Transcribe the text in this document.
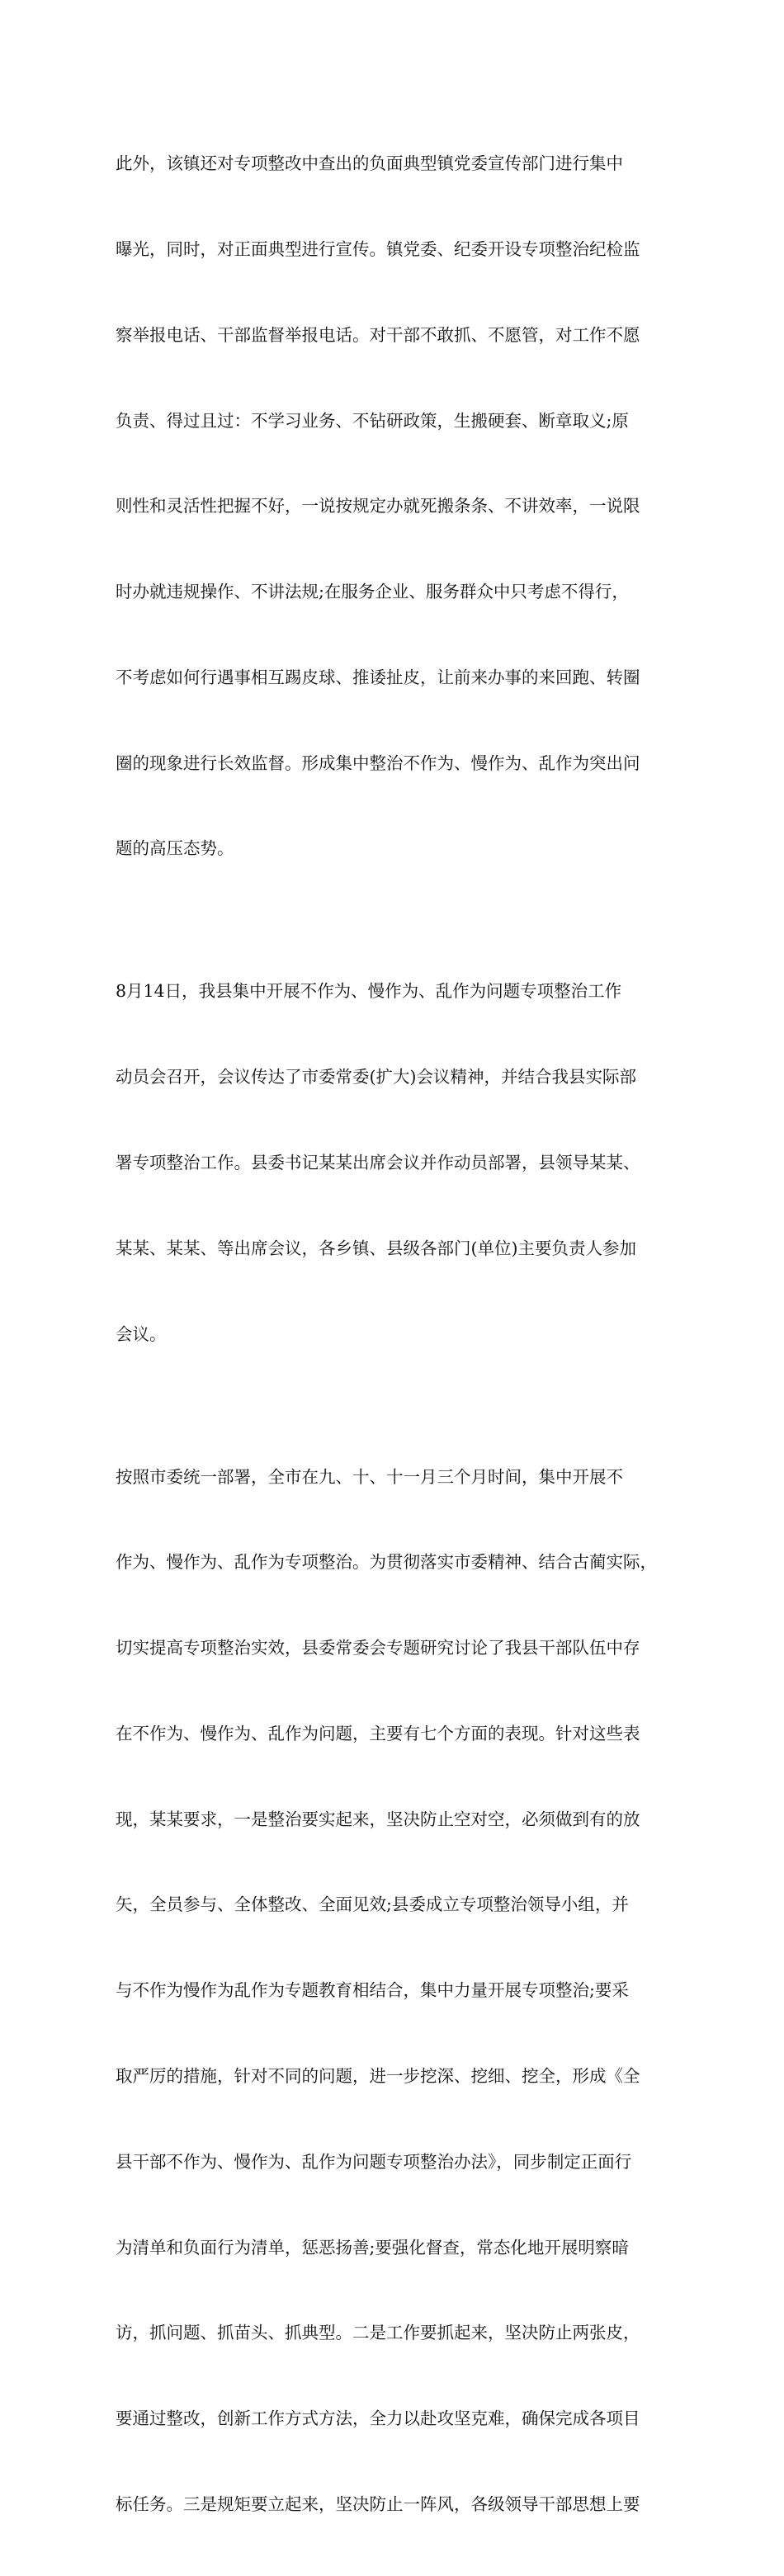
此外，该镇还对专项整改中查出的负面典型镇党委宣传部门进行集中

曝光，同时，对正面典型进行宣传。镇党委、纪委开设专项整治纪检监

察举报电话、干部监督举报电话。对干部不敢抓、不愿管，对工作不愿

负责、得过且过：不学习业务、不钻研政策，生搬硬套、断章取义;原

则性和灵活性把握不好，一说按规定办就死搬条条、不讲效率，一说限

时办就违规操作、不讲法规;在服务企业、服务群众中只考虑不得行，

不考虑如何行遇事相互踢皮球、推诿扯皮，让前来办事的来回跑、转圈

圈的现象进行长效监督。形成集中整治不作为、慢作为、乱作为突出问

题的高压态势。

8月14日，我县集中开展不作为、慢作为、乱作为问题专项整治工作

动员会召开，会议传达了市委常委(扩大)会议精神，并结合我县实际部

署专项整治工作。县委书记某某出席会议并作动员部署，县领导某某、

某某、某某、等出席会议，各乡镇、县级各部门(单位)主要负责人参加

会议。

按照市委统一部署，全市在九、十、十一月三个月时间，集中开展不

作为、慢作为、乱作为专项整治。为贯彻落实市委精神、结合古蔺实际，

切实提高专项整治实效，县委常委会专题研究讨论了我县干部队伍中存

在不作为、慢作为、乱作为问题，主要有七个方面的表现。针对这些表

现，某某要求，一是整治要实起来，坚决防止空对空，必须做到有的放

矢，全员参与、全体整改、全面见效;县委成立专项整治领导小组，并

与不作为慢作为乱作为专题教育相结合，集中力量开展专项整治;要采

取严厉的措施，针对不同的问题，进一步挖深、挖细、挖全，形成《全

县干部不作为、慢作为、乱作为问题专项整治办法》，同步制定正面行

为清单和负面行为清单，惩恶扬善;要强化督查，常态化地开展明察暗

访，抓问题、抓苗头、抓典型。二是工作要抓起来，坚决防止两张皮，

要通过整改，创新工作方式方法，全力以赴攻坚克难，确保完成各项目

标任务。三是规矩要立起来，坚决防止一阵风，各级领导干部思想上要
